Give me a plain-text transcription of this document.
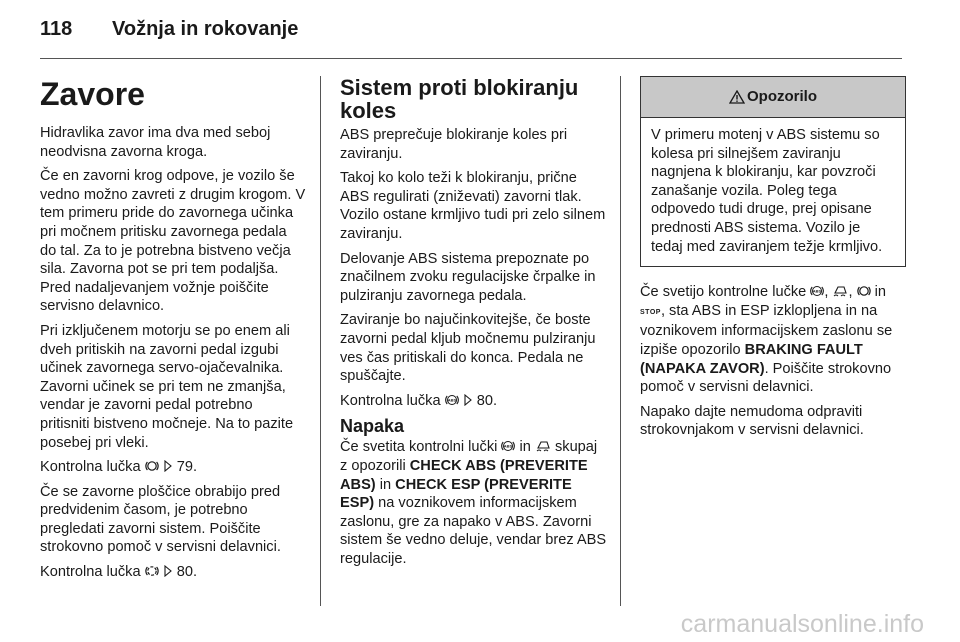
118	Vožnja in rokovanje
Zavore

Hidravlika zavor ima dva med seboj neodvisna zavorna kroga.

Če en zavorni krog odpove, je vozilo še vedno možno zavreti z drugim krogom. V tem primeru pride do zavornega učinka pri močnem pritisku zavornega pedala do tal. Za to je potrebna bistveno večja sila. Zavorna pot se pri tem podaljša. Pred nadaljevanjem vožnje poiščite servisno delavnico.

Pri izključenem motorju se po enem ali dveh pritiskih na zavorni pedal izgubi učinek zavornega servo-ojačevalnika. Zavorni učinek se pri tem ne zmanjša, vendar je zavorni pedal potrebno pritisniti bistveno močneje. Na to pazite posebej pri vleki.

Kontrolna lučka 79.

Če se zavorne ploščice obrabijo pred predvidenim časom, je potrebno pregledati zavorni sistem. Poiščite strokovno pomoč v servisni delavnici.

Kontrolna lučka 80.

Sistem proti blokiranju koles

ABS preprečuje blokiranje koles pri zaviranju.

Takoj ko kolo teži k blokiranju, prične ABS regulirati (zniževati) zavorni tlak. Vozilo ostane krmljivo tudi pri zelo silnem zaviranju.

Delovanje ABS sistema prepoznate po značilnem zvoku regulacijske črpalke in pulziranju zavornega pedala.

Zaviranje bo najučinkovitejše, če boste zavorni pedal kljub močnemu pulziranju ves čas pritiskali do konca. Pedala ne spuščajte.

Kontrolna lučka ABS 80.

Napaka

Če svetita kontrolni lučki ABS in skupaj z opozorili CHECK ABS (PREVERITE ABS) in CHECK ESP (PREVERITE ESP) na voznikovem informacijskem zaslonu, gre za napako v ABS. Zavorni sistem še vedno deluje, vendar brez ABS regulacije.

Opozorilo
V primeru motenj v ABS sistemu so kolesa pri silnejšem zaviranju nagnjena k blokiranju, kar povzroči zanašanje vozila. Poleg tega odpovedo tudi druge, prej opisane prednosti ABS sistema. Vozilo je tedaj med zaviranjem težje krmljivo.

Če svetijo kontrolne lučke ABS , ,  in STOP, sta ABS in ESP izklopljena in na voznikovem informacijskem zaslonu se izpiše opozorilo BRAKING FAULT (NAPAKA ZAVOR). Poiščite strokovno pomoč v servisni delavnici.

Napako dajte nemudoma odpraviti strokovnjakom v servisni delavnici.

carmanualsonline.info
